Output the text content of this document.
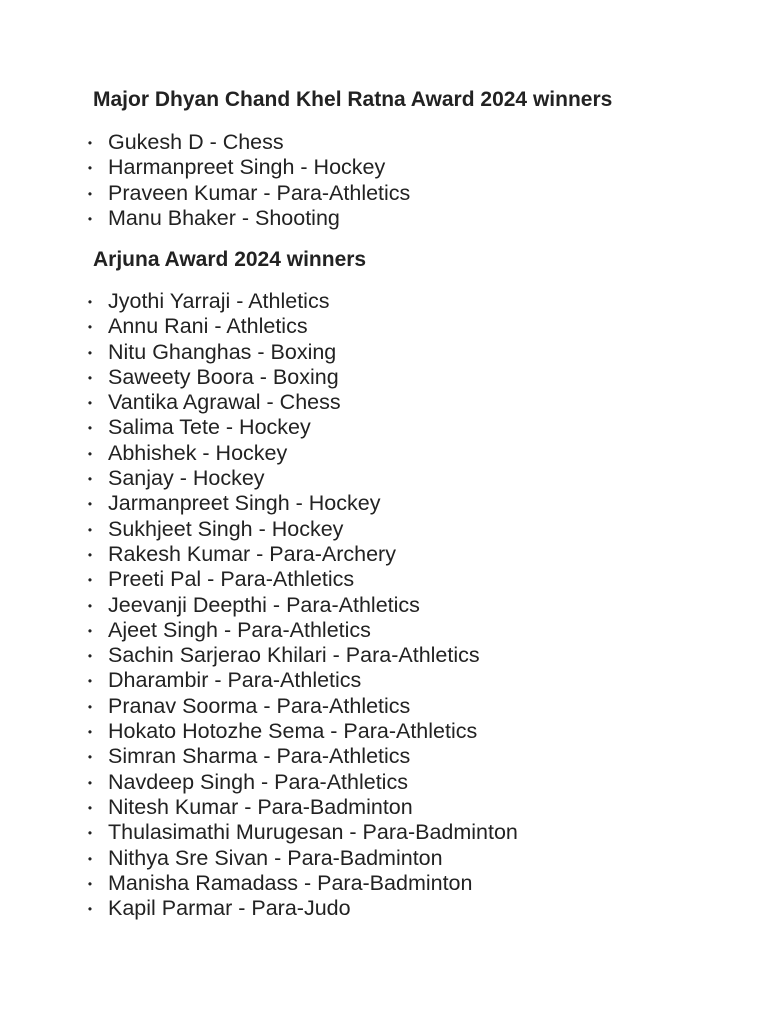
Major Dhyan Chand Khel Ratna Award 2024 winners
• Gukesh D - Chess
• Harmanpreet Singh - Hockey
• Praveen Kumar - Para-Athletics
• Manu Bhaker - Shooting
Arjuna Award 2024 winners
• Jyothi Yarraji - Athletics
• Annu Rani - Athletics
• Nitu Ghanghas - Boxing
• Saweety Boora - Boxing
• Vantika Agrawal - Chess
• Salima Tete - Hockey
• Abhishek - Hockey
• Sanjay - Hockey
• Jarmanpreet Singh - Hockey
• Sukhjeet Singh - Hockey
• Rakesh Kumar - Para-Archery
• Preeti Pal - Para-Athletics
• Jeevanji Deepthi - Para-Athletics
• Ajeet Singh - Para-Athletics
• Sachin Sarjerao Khilari - Para-Athletics
• Dharambir - Para-Athletics
• Pranav Soorma - Para-Athletics
• Hokato Hotozhe Sema - Para-Athletics
• Simran Sharma - Para-Athletics
• Navdeep Singh - Para-Athletics
• Nitesh Kumar - Para-Badminton
• Thulasimathi Murugesan - Para-Badminton
• Nithya Sre Sivan - Para-Badminton
• Manisha Ramadass - Para-Badminton
• Kapil Parmar - Para-Judo
